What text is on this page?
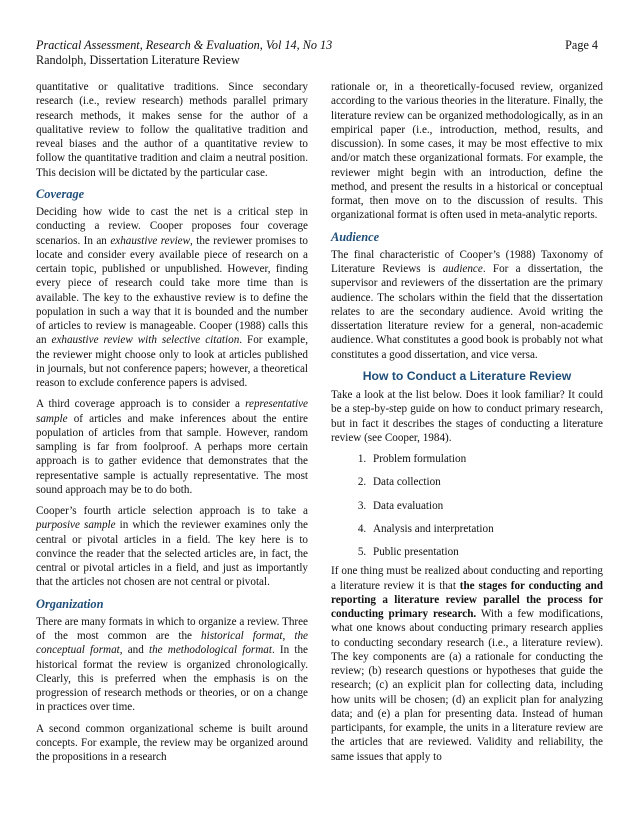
Practical Assessment, Research & Evaluation, Vol 14, No 13
Randolph, Dissertation Literature Review
Page 4

quantitative or qualitative traditions. Since secondary research (i.e., review research) methods parallel primary research methods, it makes sense for the author of a qualitative review to follow the qualitative tradition and reveal biases and the author of a quantitative review to follow the quantitative tradition and claim a neutral position. This decision will be dictated by the particular case.

Coverage

Deciding how wide to cast the net is a critical step in conducting a review. Cooper proposes four coverage scenarios. In an exhaustive review, the reviewer promises to locate and consider every available piece of research on a certain topic, published or unpublished. However, finding every piece of research could take more time than is available. The key to the exhaustive review is to define the population in such a way that it is bounded and the number of articles to review is manageable. Cooper (1988) calls this an exhaustive review with selective citation. For example, the reviewer might choose only to look at articles published in journals, but not conference papers; however, a theoretical reason to exclude conference papers is advised.

A third coverage approach is to consider a representative sample of articles and make inferences about the entire population of articles from that sample. However, random sampling is far from foolproof. A perhaps more certain approach is to gather evidence that demonstrates that the representative sample is actually representative. The most sound approach may be to do both.

Cooper’s fourth article selection approach is to take a purposive sample in which the reviewer examines only the central or pivotal articles in a field. The key here is to convince the reader that the selected articles are, in fact, the central or pivotal articles in a field, and just as importantly that the articles not chosen are not central or pivotal.

Organization

There are many formats in which to organize a review. Three of the most common are the historical format, the conceptual format, and the methodological format. In the historical format the review is organized chronologically. Clearly, this is preferred when the emphasis is on the progression of research methods or theories, or on a change in practices over time.

A second common organizational scheme is built around concepts. For example, the review may be organized around the propositions in a research

rationale or, in a theoretically-focused review, organized according to the various theories in the literature. Finally, the literature review can be organized methodologically, as in an empirical paper (i.e., introduction, method, results, and discussion). In some cases, it may be most effective to mix and/or match these organizational formats. For example, the reviewer might begin with an introduction, define the method, and present the results in a historical or conceptual format, then move on to the discussion of results. This organizational format is often used in meta-analytic reports.

Audience

The final characteristic of Cooper’s (1988) Taxonomy of Literature Reviews is audience. For a dissertation, the supervisor and reviewers of the dissertation are the primary audience. The scholars within the field that the dissertation relates to are the secondary audience. Avoid writing the dissertation literature review for a general, non-academic audience. What constitutes a good book is probably not what constitutes a good dissertation, and vice versa.

How to Conduct a Literature Review

Take a look at the list below. Does it look familiar? It could be a step-by-step guide on how to conduct primary research, but in fact it describes the stages of conducting a literature review (see Cooper, 1984).

1. Problem formulation
2. Data collection
3. Data evaluation
4. Analysis and interpretation
5. Public presentation

If one thing must be realized about conducting and reporting a literature review it is that the stages for conducting and reporting a literature review parallel the process for conducting primary research. With a few modifications, what one knows about conducting primary research applies to conducting secondary research (i.e., a literature review). The key components are (a) a rationale for conducting the review; (b) research questions or hypotheses that guide the research; (c) an explicit plan for collecting data, including how units will be chosen; (d) an explicit plan for analyzing data; and (e) a plan for presenting data. Instead of human participants, for example, the units in a literature review are the articles that are reviewed. Validity and reliability, the same issues that apply to
